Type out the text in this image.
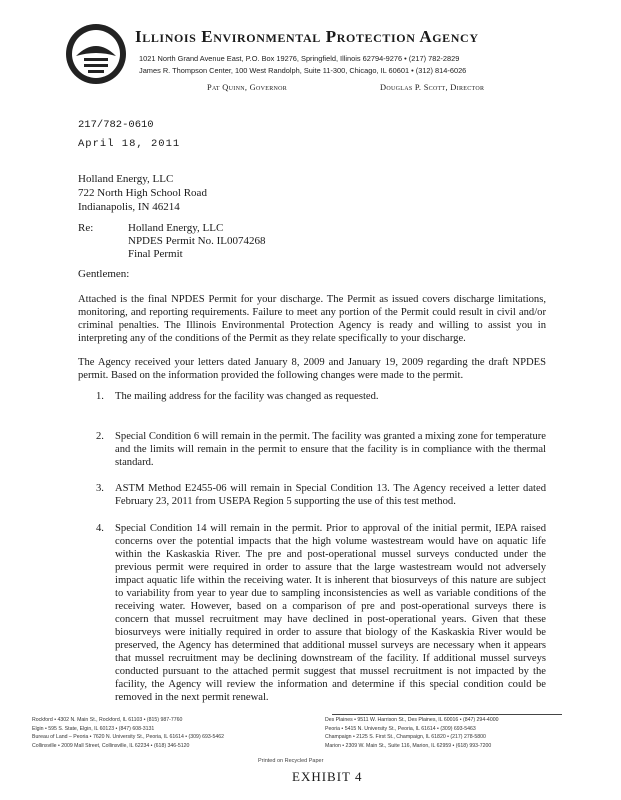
Illinois Environmental Protection Agency
1021 North Grand Avenue East, P.O. Box 19276, Springfield, Illinois 62794-9276 • (217) 782-2829
James R. Thompson Center, 100 West Randolph, Suite 11-300, Chicago, IL 60601 • (312) 814-6026
Pat Quinn, Governor	Douglas P. Scott, Director
217/782-0610
April 18, 2011
Holland Energy, LLC
722 North High School Road
Indianapolis, IN 46214
Re:	Holland Energy, LLC
NPDES Permit No. IL0074268
Final Permit
Gentlemen:

Attached is the final NPDES Permit for your discharge. The Permit as issued covers discharge limitations, monitoring, and reporting requirements. Failure to meet any portion of the Permit could result in civil and/or criminal penalties. The Illinois Environmental Protection Agency is ready and willing to assist you in interpreting any of the conditions of the Permit as they relate specifically to your discharge.

The Agency received your letters dated January 8, 2009 and January 19, 2009 regarding the draft NPDES permit. Based on the information provided the following changes were made to the permit.

1.	The mailing address for the facility was changed as requested.
2.	Special Condition 6 will remain in the permit. The facility was granted a mixing zone for temperature and the limits will remain in the permit to ensure that the facility is in compliance with the thermal standard.
3.	ASTM Method E2455-06 will remain in Special Condition 13. The Agency received a letter dated February 23, 2011 from USEPA Region 5 supporting the use of this test method.
4.	Special Condition 14 will remain in the permit. Prior to approval of the initial permit, IEPA raised concerns over the potential impacts that the high volume wastestream would have on aquatic life within the Kaskaskia River. The pre and post-operational mussel surveys conducted under the previous permit were required in order to assure that the large wastestream would not adversely impact aquatic life within the receiving water. It is inherent that biosurveys of this nature are subject to variability from year to year due to sampling inconsistencies as well as variable conditions of the receiving water. However, based on a comparison of pre and post-operational surveys there is concern that mussel recruitment may have declined in post-operational years. Given that these biosurveys were initially required in order to assure that biology of the Kaskaskia River would be preserved, the Agency has determined that additional mussel surveys are necessary when it appears that mussel recruitment may be declining downstream of the facility. If additional mussel surveys conducted pursuant to the attached permit suggest that mussel recruitment is not impacted by the facility, the Agency will review the information and determine if this special condition could be removed in the next permit renewal.
Rockford • 4302 N. Main St., Rockford, IL 61103 • (815) 987-7760
Elgin • 595 S. State, Elgin, IL 60123 • (847) 608-3131
Bureau of Land – Peoria • 7620 N. University St., Peoria, IL 61614 • (309) 693-5462
Collinsville • 2009 Mall Street, Collinsville, IL 62234 • (618) 346-5120
Des Plaines • 9511 W. Harrison St., Des Plaines, IL 60016 • (847) 294-4000
Peoria • 5415 N. University St., Peoria, IL 61614 • (309) 693-5463
Champaign • 2125 S. First St., Champaign, IL 61820 • (217) 278-5800
Marion • 2309 W. Main St., Suite 116, Marion, IL 62959 • (618) 993-7200
Printed on Recycled Paper
EXHIBIT 4
